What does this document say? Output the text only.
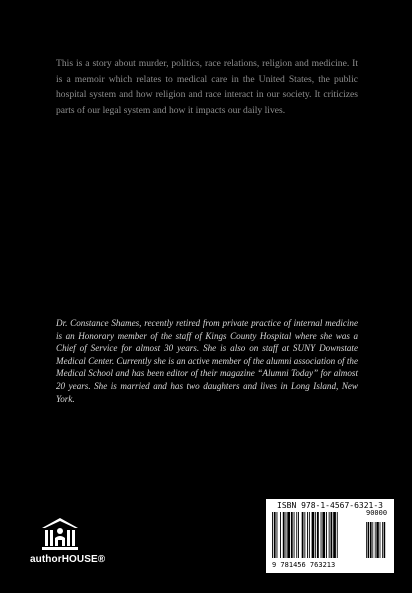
This is a story about murder, politics, race relations, religion and medicine. It is a memoir which relates to medical care in the United States, the public hospital system and how religion and race interact in our society. It criticizes parts of our legal system and how it impacts our daily lives.

Dr. Constance Shames, recently retired from private practice of internal medicine is an Honorary member of the staff of Kings County Hospital where she was a Chief of Service for almost 30 years. She is also on staff at SUNY Downstate Medical Center. Currently she is an active member of the alumni association of the Medical School and has been editor of their magazine “Alumni Today” for almost 20 years. She is married and has two daughters and lives in Long Island, New York.

authorHOUSE®
ISBN 978-1-4567-6321-3
9 781456 763213
90000
